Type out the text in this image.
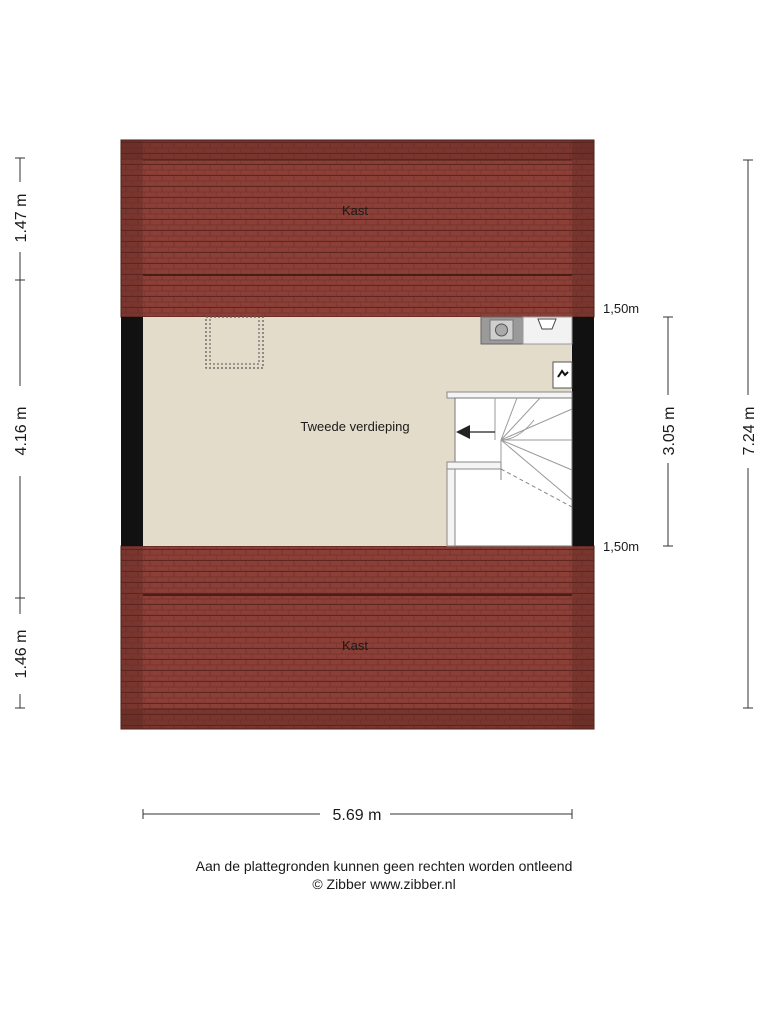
Kast
Tweede verdieping
Kast
1.47 m
4.16 m
1.46 m
3.05 m	7.24 m
1,50m
1,50m
5.69 m
Aan de plattegronden kunnen geen rechten worden ontleend
© Zibber www.zibber.nl
